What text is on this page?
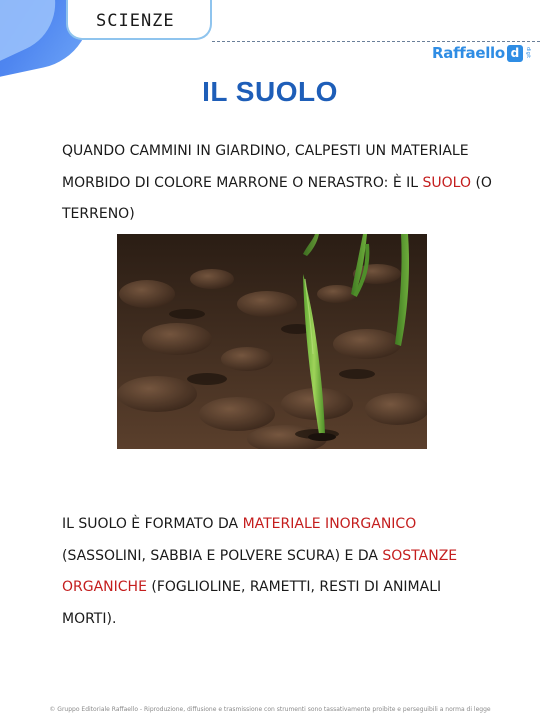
SCIENZE
Raffaello d	digit
IL SUOLO

QUANDO CAMMINI IN GIARDINO, CALPESTI UN MATERIALE MORBIDO DI COLORE MARRONE O NERASTRO: È IL SUOLO (O TERRENO)

IL SUOLO È FORMATO DA MATERIALE INORGANICO (SASSOLINI, SABBIA E POLVERE SCURA) E DA SOSTANZE ORGANICHE (FOGLIOLINE, RAMETTI, RESTI DI ANIMALI MORTI).

© Gruppo Editoriale Raffaello - Riproduzione, diffusione e trasmissione con strumenti sono tassativamente proibite e perseguibili a norma di legge
